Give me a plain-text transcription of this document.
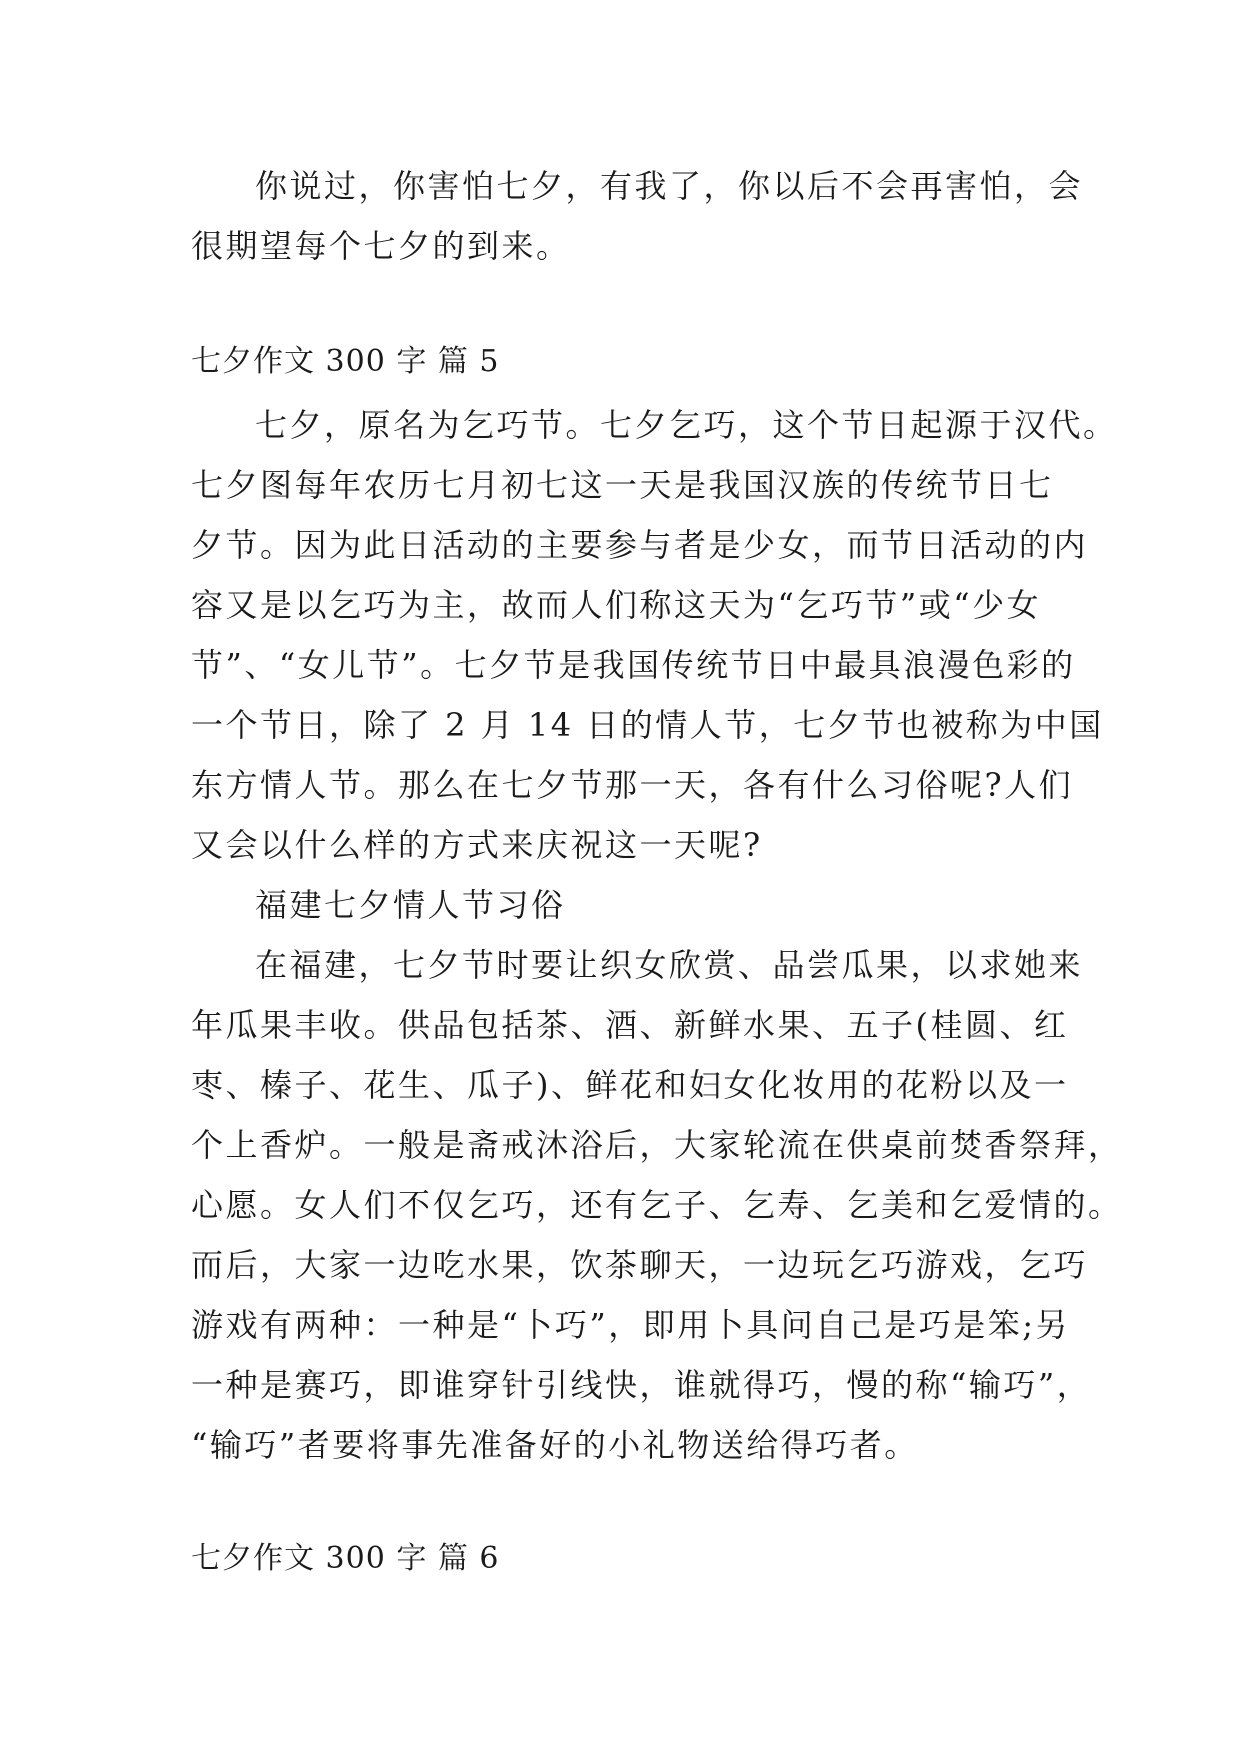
你说过，你害怕七夕，有我了，你以后不会再害怕，会
很期望每个七夕的到来。
七夕作文 300 字 篇 5
七夕，原名为乞巧节。七夕乞巧，这个节日起源于汉代。
七夕图每年农历七月初七这一天是我国汉族的传统节日七
夕节。因为此日活动的主要参与者是少女，而节日活动的内
容又是以乞巧为主，故而人们称这天为“乞巧节”或“少女
节”、“女儿节”。七夕节是我国传统节日中最具浪漫色彩的
一个节日，除了 2 月 14 日的情人节，七夕节也被称为中国
东方情人节。那么在七夕节那一天，各有什么习俗呢?人们
又会以什么样的方式来庆祝这一天呢?
福建七夕情人节习俗
在福建，七夕节时要让织女欣赏、品尝瓜果，以求她来
年瓜果丰收。供品包括茶、酒、新鲜水果、五子(桂圆、红
枣、榛子、花生、瓜子)、鲜花和妇女化妆用的花粉以及一
个上香炉。一般是斋戒沐浴后，大家轮流在供桌前焚香祭拜，
心愿。女人们不仅乞巧，还有乞子、乞寿、乞美和乞爱情的。
而后，大家一边吃水果，饮茶聊天，一边玩乞巧游戏，乞巧
游戏有两种：一种是“卜巧”，即用卜具问自己是巧是笨;另
一种是赛巧，即谁穿针引线快，谁就得巧，慢的称“输巧”，
“输巧”者要将事先准备好的小礼物送给得巧者。
七夕作文 300 字 篇 6
